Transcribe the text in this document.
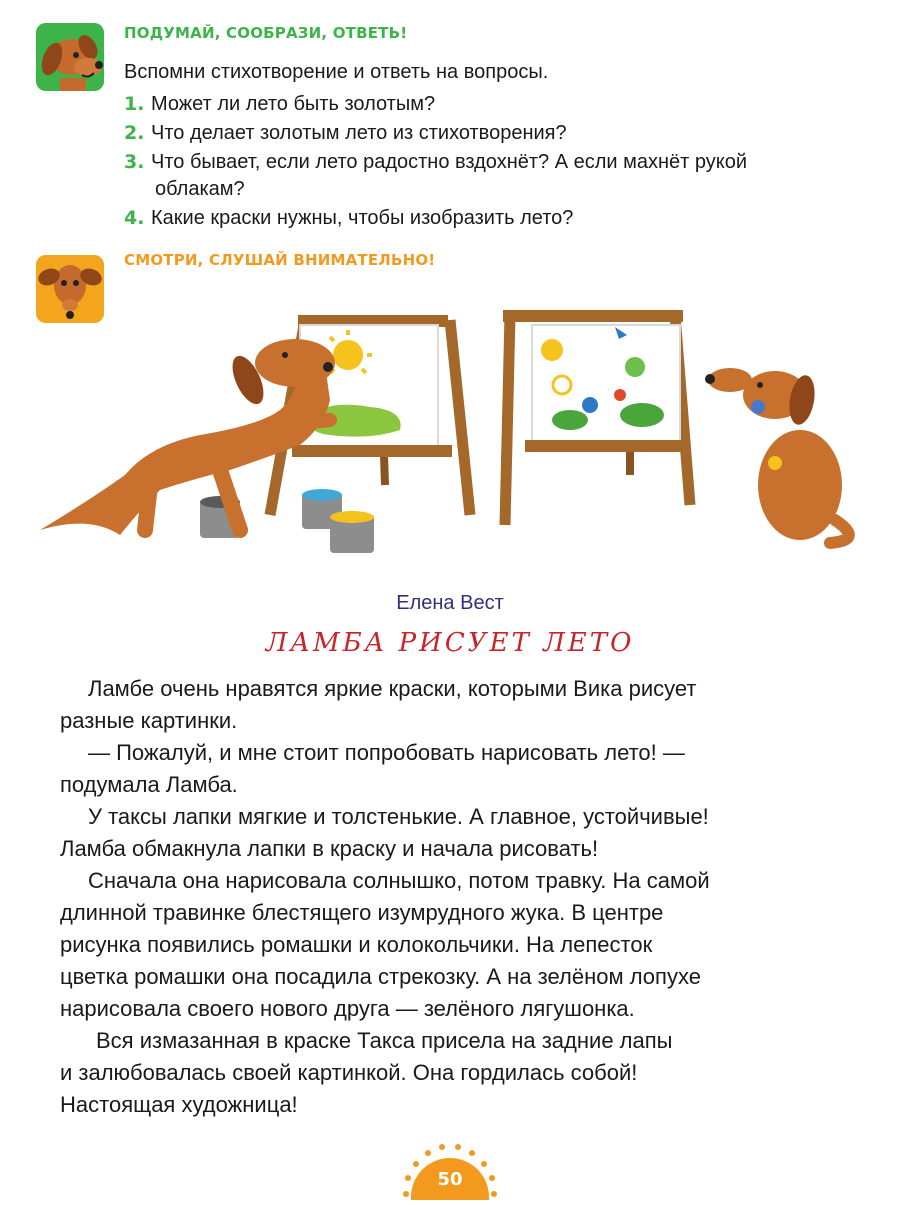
ПОДУМАЙ, СООБРАЗИ, ОТВЕТЬ!
Вспомни стихотворение и ответь на вопросы.
1. Может ли лето быть золотым?
2. Что делает золотым лето из стихотворения?
3. Что бывает, если лето радостно вздохнёт? А если махнёт рукой
облакам?
4. Какие краски нужны, чтобы изобразить лето?
СМОТРИ, СЛУШАЙ ВНИМАТЕЛЬНО!
Елена Вест
ЛАМБА РИСУЕТ ЛЕТО

Ламбе очень нравятся яркие краски, которыми Вика рисует

разные картинки.

— Пожалуй, и мне стоит попробовать нарисовать лето! —

подумала Ламба.

У таксы лапки мягкие и толстенькие. А главное, устойчивые!

Ламба обмакнула лапки в краску и начала рисовать!

Сначала она нарисовала солнышко, потом травку. На самой

длинной травинке блестящего изумрудного жука. В центре

рисунка появились ромашки и колокольчики. На лепесток

цветка ромашки она посадила стрекозку. А на зелёном лопухе

нарисовала своего нового друга — зелёного лягушонка.

Вся измазанная в краске Такса присела на задние лапы

и залюбовалась своей картинкой. Она гордилась собой!

Настоящая художница!

50
